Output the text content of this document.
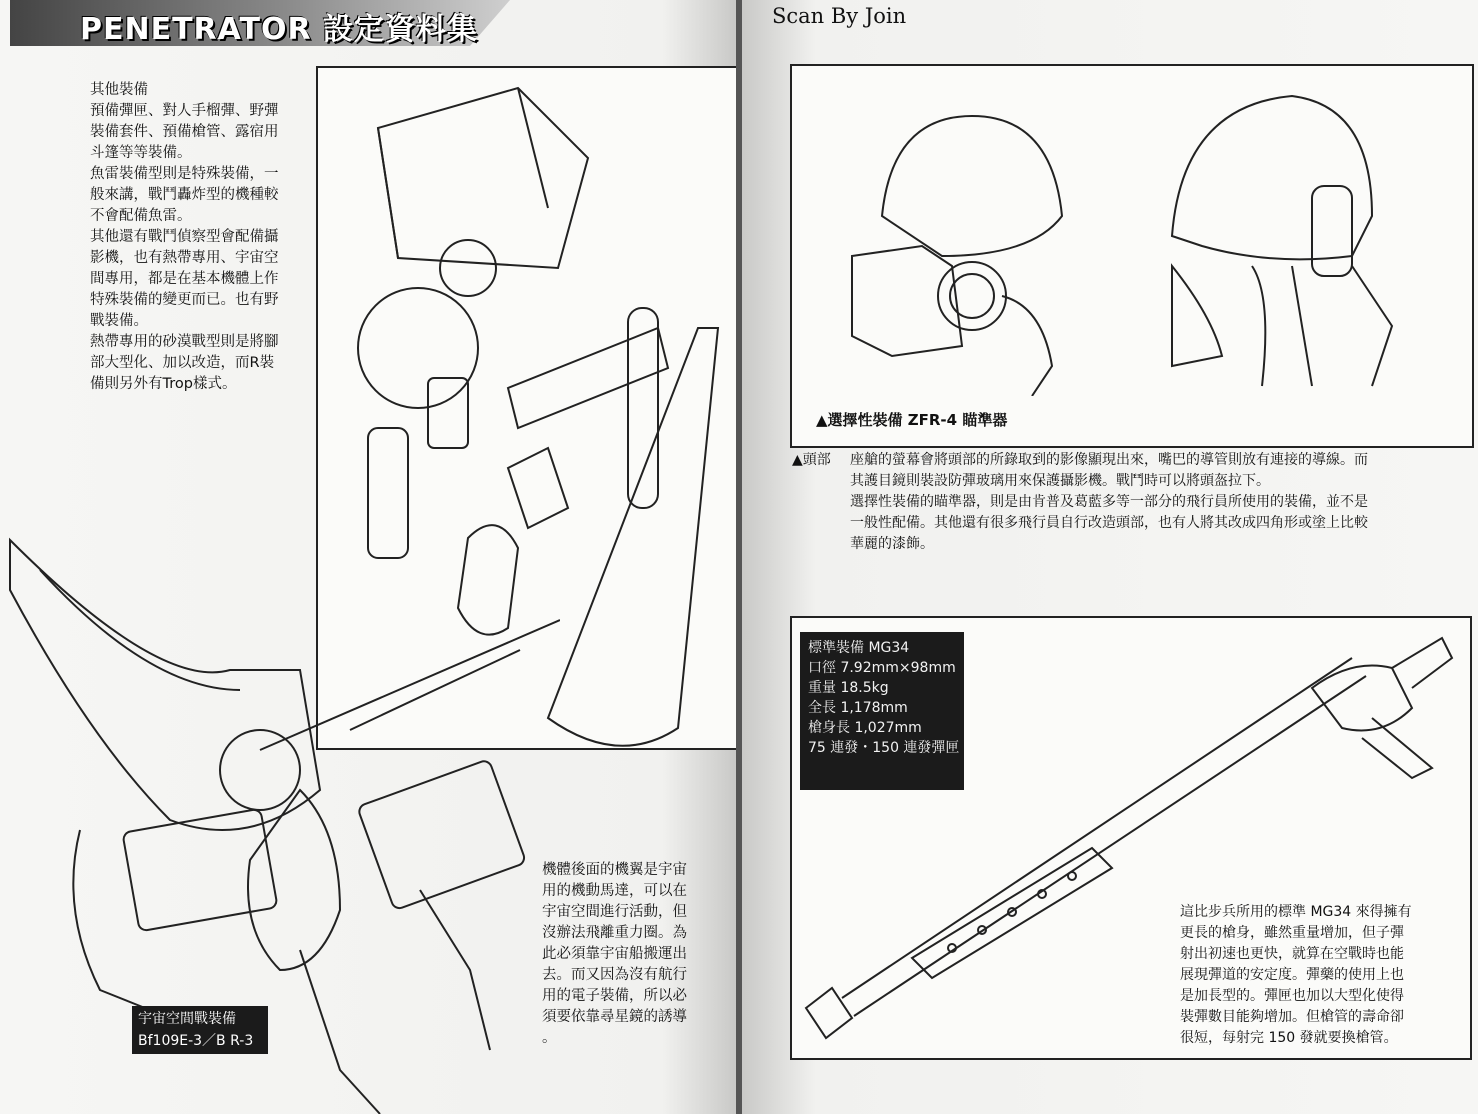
PENETRATOR 設定資料集

其他裝備

預備彈匣、對人手榴彈、野彈

裝備套件、預備槍管、露宿用

斗篷等等裝備。

魚雷裝備型則是特殊裝備，一

般來講，戰鬥轟炸型的機種較

不會配備魚雷。

其他還有戰鬥偵察型會配備攝

影機，也有熱帶專用、宇宙空

間專用，都是在基本機體上作

特殊裝備的變更而已。也有野

戰裝備。

熱帶專用的砂漠戰型則是將腳

部大型化、加以改造，而R裝

備則另外有Trop樣式。

宇宙空間戰裝備
Bf109E-3／B R-3

機體後面的機翼是宇宙

用的機動馬達，可以在

宇宙空間進行活動，但

沒辦法飛離重力圈。為

此必須靠宇宙船搬運出

去。而又因為沒有航行

用的電子裝備，所以必

須要依靠尋星鏡的誘導

。

Scan By Join
▲選擇性裝備 ZFR-4 瞄準器
▲頭部 座艙的螢幕會將頭部的所錄取到的影像顯現出來，嘴巴的導管則放有連接的導線。而
其護目鏡則裝設防彈玻璃用來保護攝影機。戰鬥時可以將頭盔拉下。
選擇性裝備的瞄準器，則是由肯普及葛藍多等一部分的飛行員所使用的裝備，並不是
一般性配備。其他還有很多飛行員自行改造頭部，也有人將其改成四角形或塗上比較
華麗的漆飾。
標準裝備 MG34
口徑 7.92mm×98mm
重量 18.5kg
全長 1,178mm
槍身長 1,027mm
75 連發・150 連發彈匣

這比步兵所用的標準 MG34 來得擁有

更長的槍身，雖然重量增加，但子彈

射出初速也更快，就算在空戰時也能

展現彈道的安定度。彈藥的使用上也

是加長型的。彈匣也加以大型化使得

裝彈數目能夠增加。但槍管的壽命卻

很短，每射完 150 發就要換槍管。
